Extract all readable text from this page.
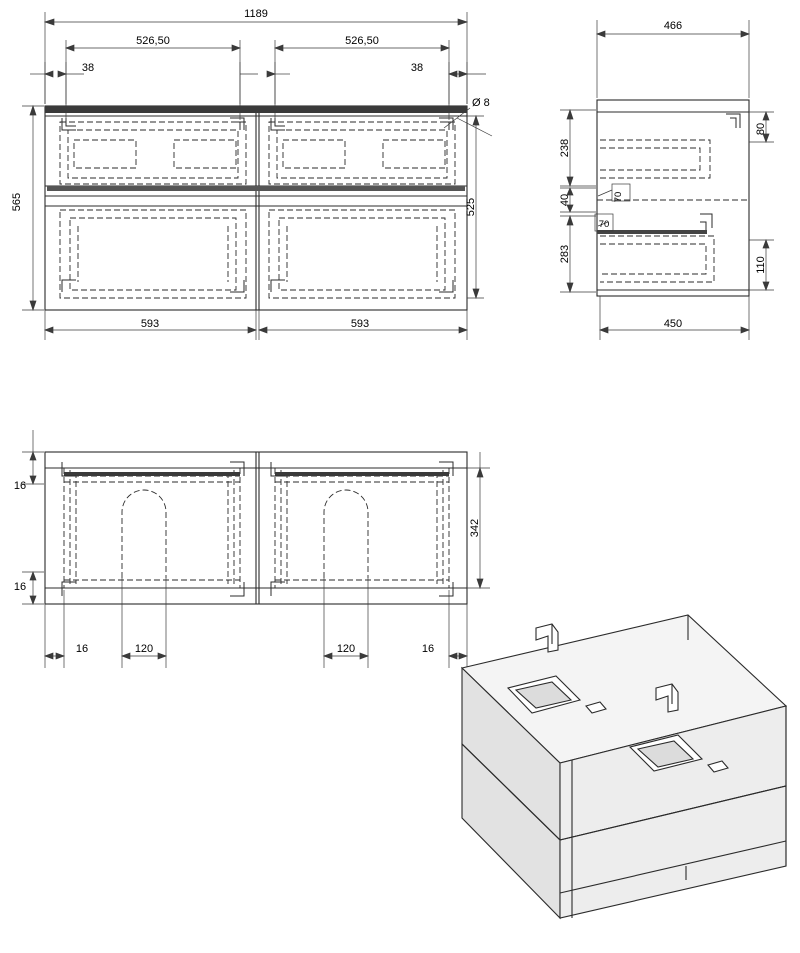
1189
526,50	526,50
38	38
Ø 8
565	525
593	593
466
450
80
110
238
40
283
70
70
16
16
342
16	120	120	16
